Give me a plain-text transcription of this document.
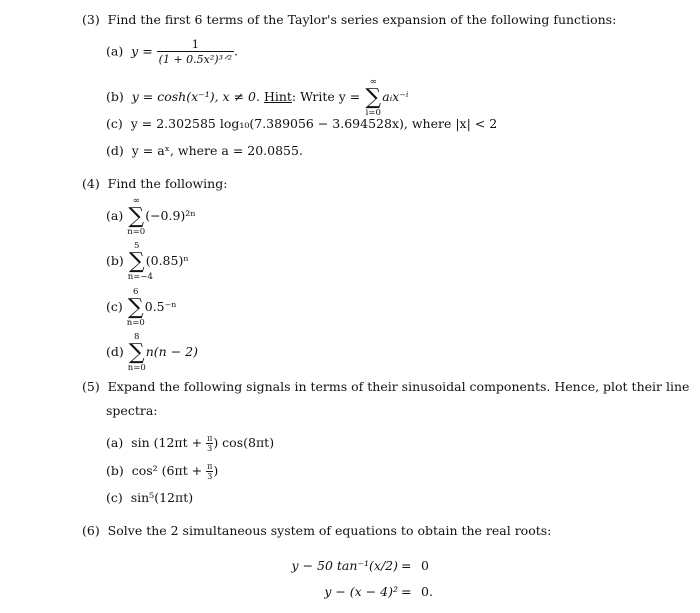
(3) Find the first 6 terms of the Taylor's series expansion of the following functions:
(a) $y = \frac{1}{\text{(1 + 0.5x²)³ᐟ²}}$ .
(b) y = cosh(x⁻¹), x ≠ 0. Hint: Write y =
∞
∑
i=0
aᵢx⁻ⁱ
(c) y = 2.302585 log₁₀(7.389056 − 3.694528x), where |x| < 2
(d) y = aˣ, where a = 20.0855.
(4) Find the following:
(a)
∞
∑
n=0
(−0.9)²ⁿ
(b)
5
∑
n=−4
(0.85)ⁿ
(c)
6
∑
n=0
0.5⁻ⁿ
(d)
8
∑
n=0
n(n − 2)
(5) Expand the following signals in terms of their sinusoidal components. Hence, plot their line
spectra:
(a) $\sin (12\pi t + \frac{\pi}{3}$ ) cos(8πt)
(b) cos² ($6\pi t + \frac{\pi}{3}$ )
(c) sin⁵(12πt)
(6) Solve the 2 simultaneous system of equations to obtain the real roots:
y − 50 tan⁻¹(x/2) = 0
y − (x − 4)² = 0.
